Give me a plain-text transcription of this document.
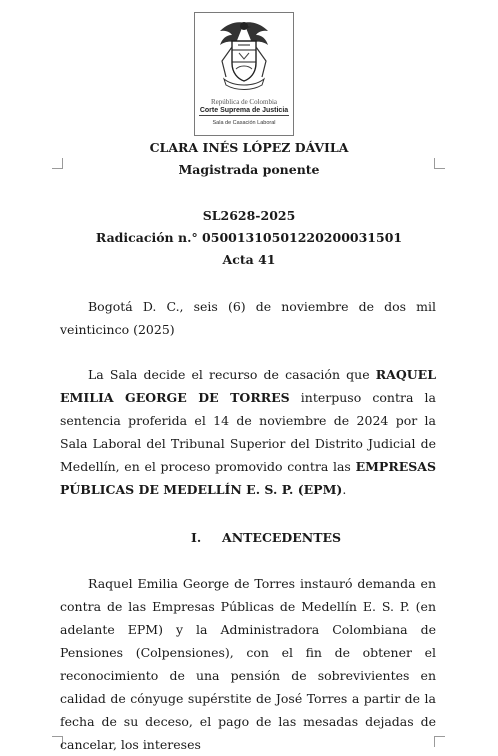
República de Colombia
Corte Suprema de Justicia
Sala de Casación Laboral
CLARA INÉS LÓPEZ DÁVILA
Magistrada ponente
SL2628-2025
Radicación n.° 05001310501220200031501
Acta 41
Bogotá D. C., seis (6) de noviembre de dos mil veinticinco (2025)
La Sala decide el recurso de casación que RAQUEL EMILIA GEORGE DE TORRES interpuso contra la sentencia proferida el 14 de noviembre de 2024 por la Sala Laboral del Tribunal Superior del Distrito Judicial de Medellín, en el proceso promovido contra las EMPRESAS PÚBLICAS DE MEDELLÍN E. S. P. (EPM).
I. ANTECEDENTES
Raquel Emilia George de Torres instauró demanda en contra de las Empresas Públicas de Medellín E. S. P. (en adelante EPM) y la Administradora Colombiana de Pensiones (Colpensiones), con el fin de obtener el reconocimiento de una pensión de sobrevivientes en calidad de cónyuge supérstite de José Torres a partir de la fecha de su deceso, el pago de las mesadas dejadas de cancelar, los intereses
